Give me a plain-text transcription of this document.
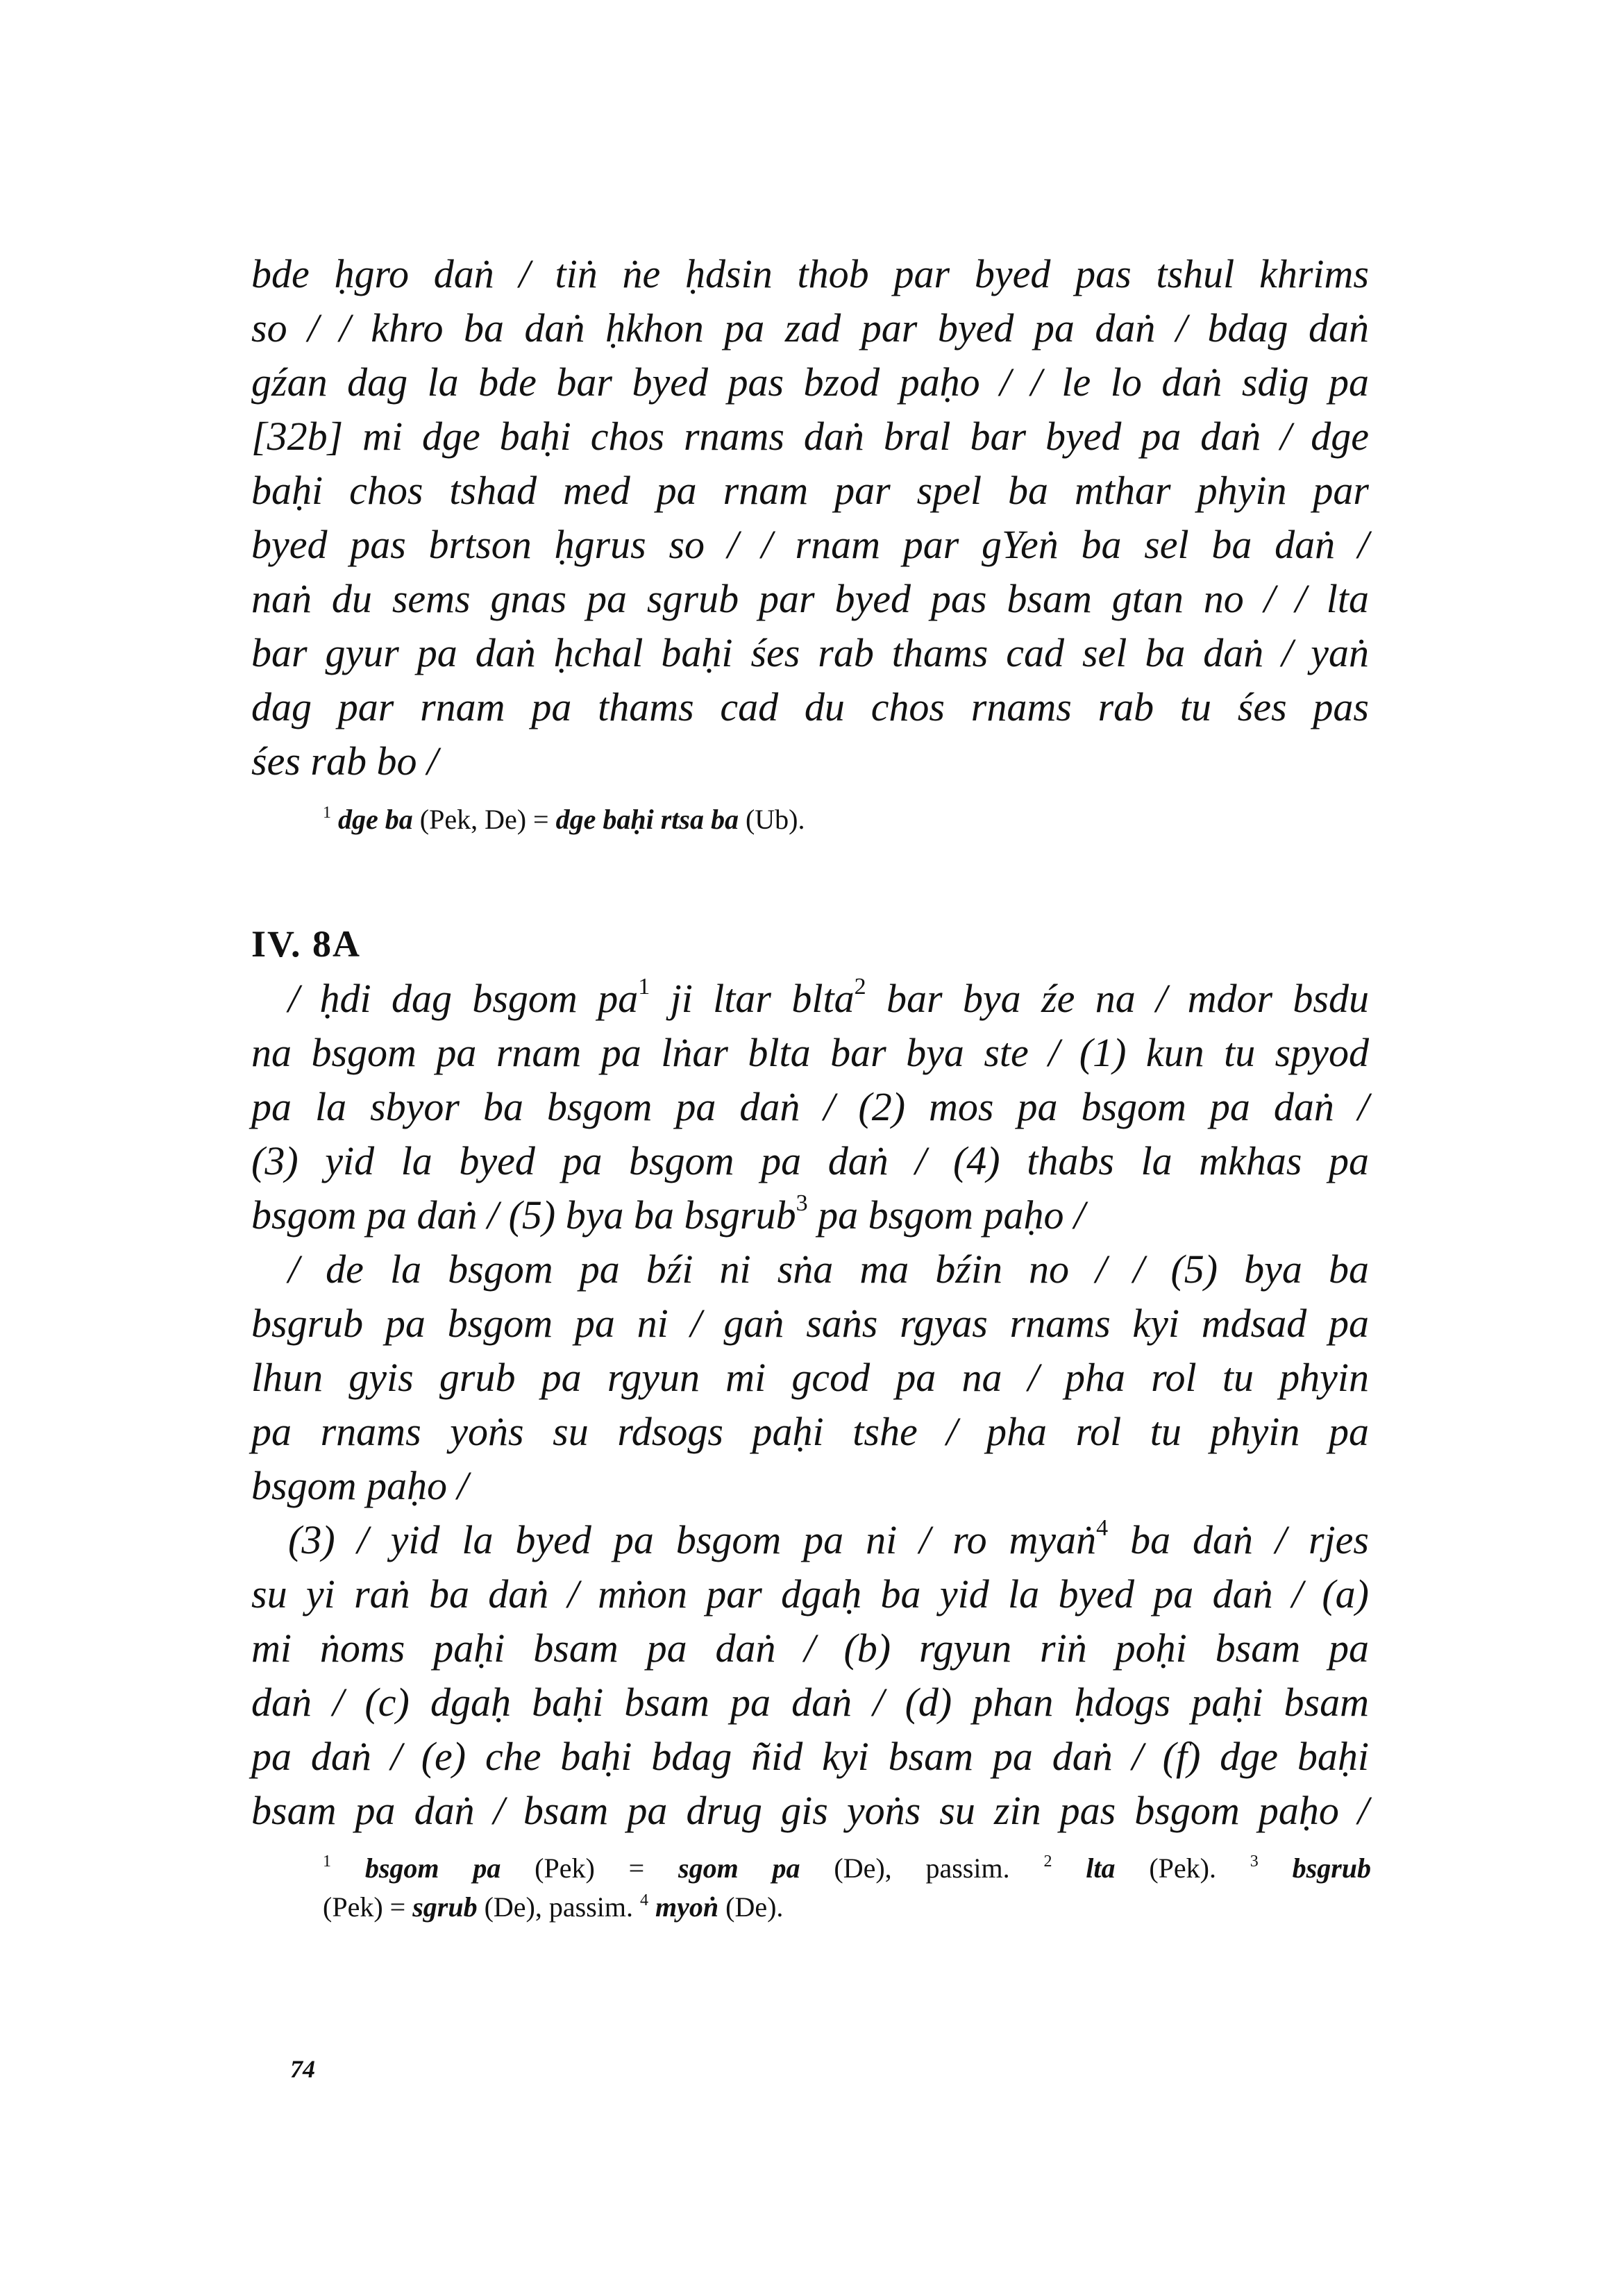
bde ḥgro daṅ / tiṅ ṅe ḥdsin thob par byed pas tshul khrims
so / / khro ba daṅ ḥkhon pa zad par byed pa daṅ / bdag daṅ
gźan dag la bde bar byed pas bzod paḥo / / le lo daṅ sdig pa
[32b] mi dge baḥi chos rnams daṅ bral bar byed pa daṅ / dge
baḥi chos tshad med pa rnam par spel ba mthar phyin par
byed pas brtson ḥgrus so / / rnam par gYeṅ ba sel ba daṅ /
naṅ du sems gnas pa sgrub par byed pas bsam gtan no / / lta
bar gyur pa daṅ ḥchal baḥi śes rab thams cad sel ba daṅ / yaṅ
dag par rnam pa thams cad du chos rnams rab tu śes pas
śes rab bo /
$^1$ dge ba (Pek, De) = dge baḥi rtsa ba (Ub).
IV. 8A
/ ḥdi dag bsgom $pa^1$ ji ltar blta$^2$ bar bya źe na / mdor bsdu
na bsgom pa rnam pa lṅar blta bar bya ste / (1) kun tu spyod
pa la sbyor ba bsgom pa daṅ / (2) mos pa bsgom pa daṅ /
(3) yid la byed pa bsgom pa daṅ / (4) thabs la mkhas pa
bsgom pa daṅ / (5) bya ba bsgrub$^3$ pa bsgom paḥo /
/ de la bsgom pa bźi ni sṅa ma bźin no / / (5) bya ba
bsgrub pa bsgom pa ni / gaṅ saṅs rgyas rnams kyi mdsad pa
lhun gyis grub pa rgyun mi gcod pa na / pha rol tu phyin
pa rnams yoṅs su rdsogs paḥi tshe / pha rol tu phyin pa
bsgom paḥo /
(3) / yid la byed pa bsgom pa ni / ro myaṅ$^4$ ba daṅ / rjes
su yi raṅ ba daṅ / mṅon par dgaḥ ba yid la byed pa daṅ / (a)
mi ṅoms paḥi bsam pa daṅ / (b) rgyun riṅ poḥi bsam pa
daṅ / (c) dgaḥ baḥi bsam pa daṅ / (d) phan ḥdogs paḥi bsam
pa daṅ / (e) che baḥi bdag ñid kyi bsam pa daṅ / (f) dge baḥi
bsam pa daṅ / bsam pa drug gis yoṅs su zin pas bsgom paḥo /
$^1$ bsgom pa (Pek) = sgom pa (De), passim. $^2$ lta (Pek). $^3$ bsgrub
(Pek) = sgrub (De), passim. $^4$ myoṅ (De).
74
